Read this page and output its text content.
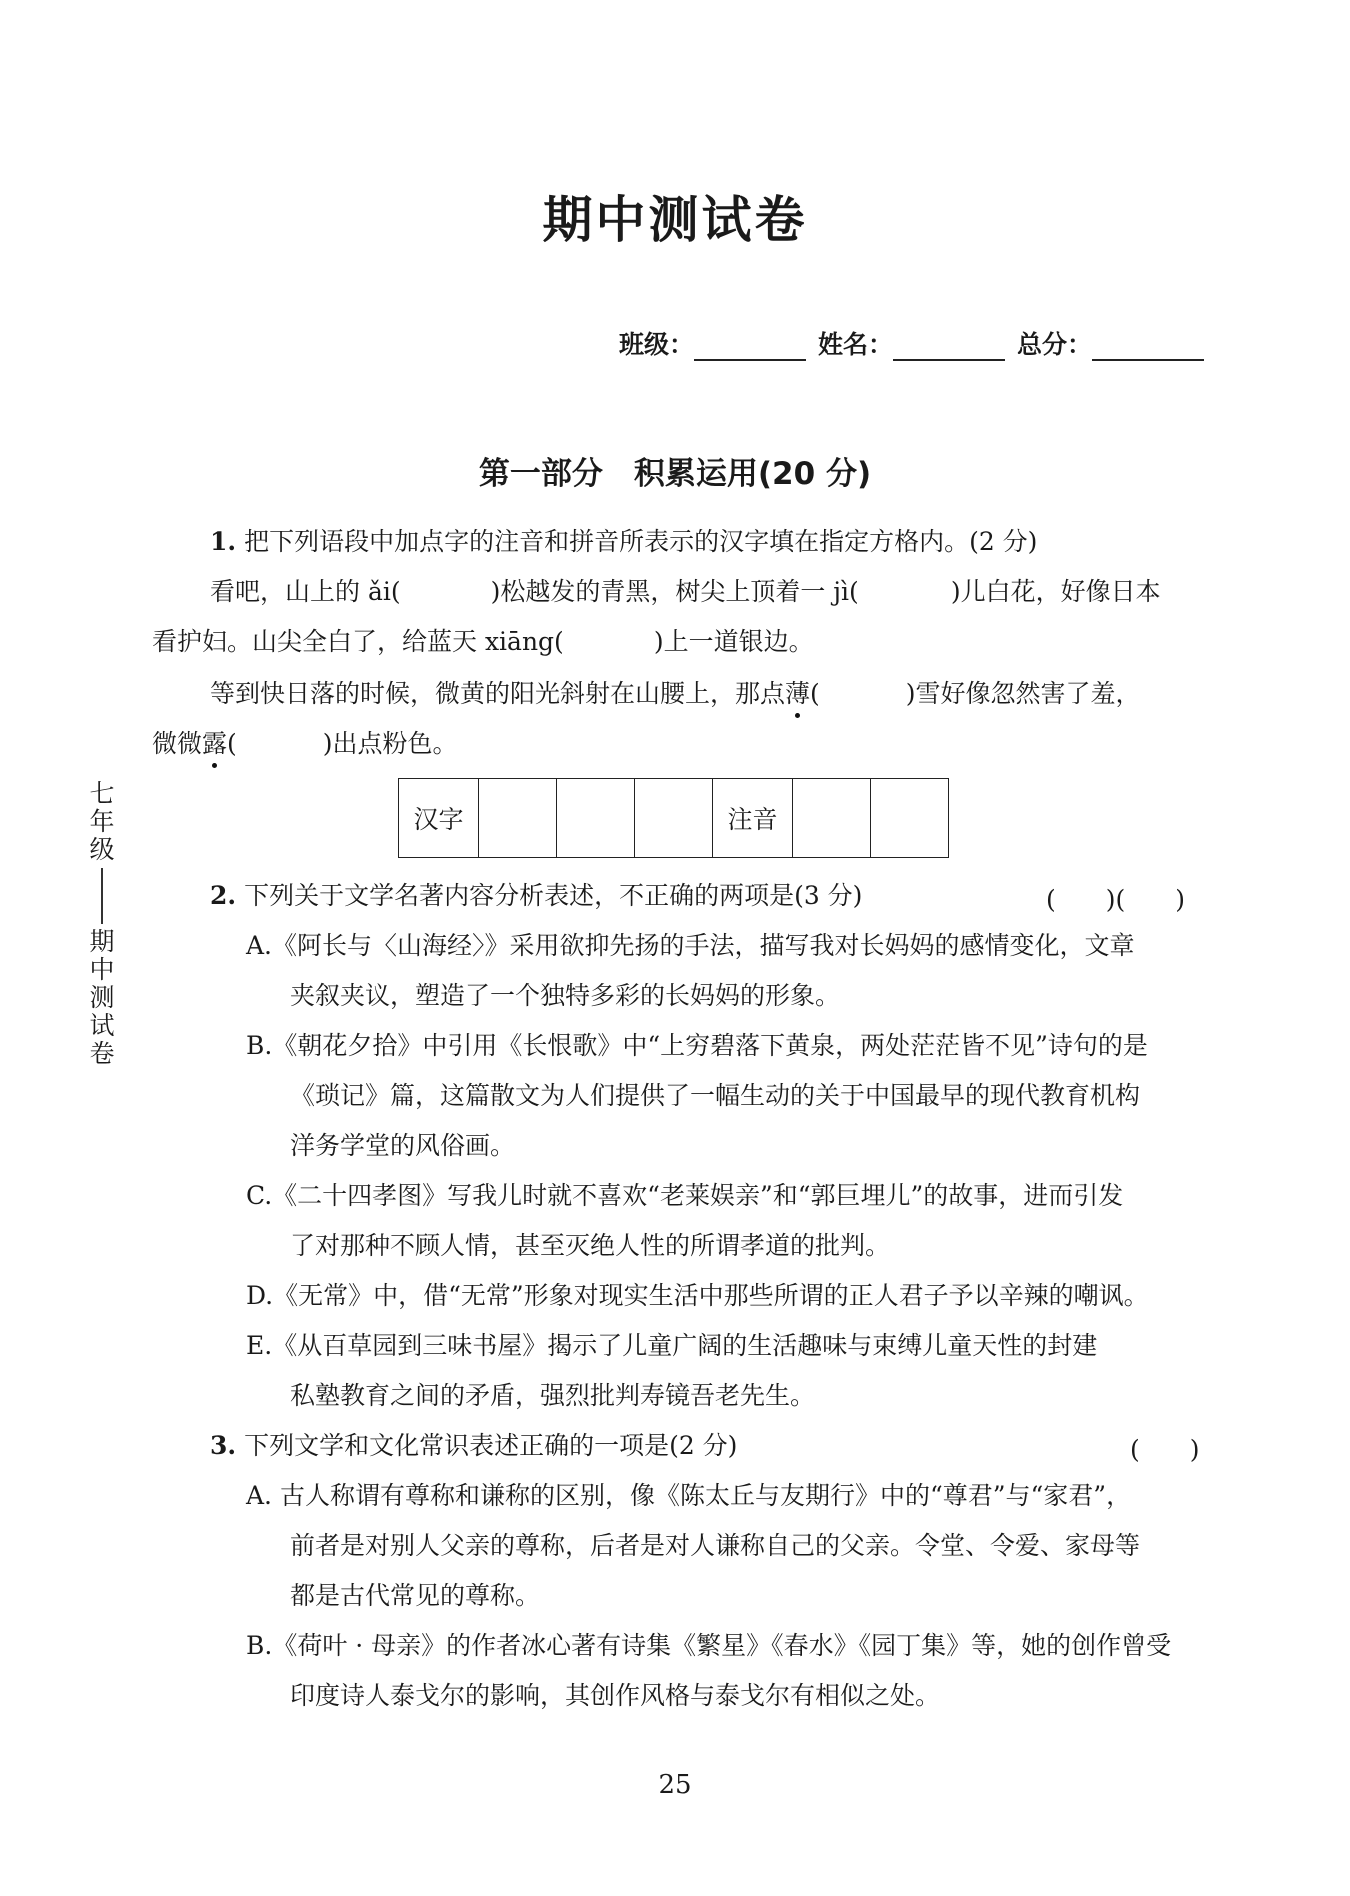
期中测试卷
班级：	姓名：	总分：
第一部分　积累运用(20 分)
1. 把下列语段中加点字的注音和拼音所表示的汉字填在指定方格内。(2 分)
看吧，山上的 ǎi(	)松越发的青黑，树尖上顶着一 jì(	)儿白花，好像日本
看护妇。山尖全白了，给蓝天 xiāng(	)上一道银边。
等到快日落的时候，微黄的阳光斜射在山腰上，那点薄(	)雪好像忽然害了羞，
微微露(	)出点粉色。
汉字				注音		
2. 下列关于文学名著内容分析表述，不正确的两项是(3 分)	(　　)(　　)
A.《阿长与〈山海经〉》采用欲抑先扬的手法，描写我对长妈妈的感情变化，文章
夹叙夹议，塑造了一个独特多彩的长妈妈的形象。
B.《朝花夕拾》中引用《长恨歌》中“上穷碧落下黄泉，两处茫茫皆不见”诗句的是
《琐记》篇，这篇散文为人们提供了一幅生动的关于中国最早的现代教育机构
洋务学堂的风俗画。
C.《二十四孝图》写我儿时就不喜欢“老莱娱亲”和“郭巨埋儿”的故事，进而引发
了对那种不顾人情，甚至灭绝人性的所谓孝道的批判。
D.《无常》中，借“无常”形象对现实生活中那些所谓的正人君子予以辛辣的嘲讽。
E.《从百草园到三味书屋》揭示了儿童广阔的生活趣味与束缚儿童天性的封建
私塾教育之间的矛盾，强烈批判寿镜吾老先生。
3. 下列文学和文化常识表述正确的一项是(2 分)	(　　)
A. 古人称谓有尊称和谦称的区别，像《陈太丘与友期行》中的“尊君”与“家君”，
前者是对别人父亲的尊称，后者是对人谦称自己的父亲。令堂、令爱、家母等
都是古代常见的尊称。
B.《荷叶 · 母亲》的作者冰心著有诗集《繁星》《春水》《园丁集》等，她的创作曾受
印度诗人泰戈尔的影响，其创作风格与泰戈尔有相似之处。
七
年
级
期
中
测
试
卷
25
